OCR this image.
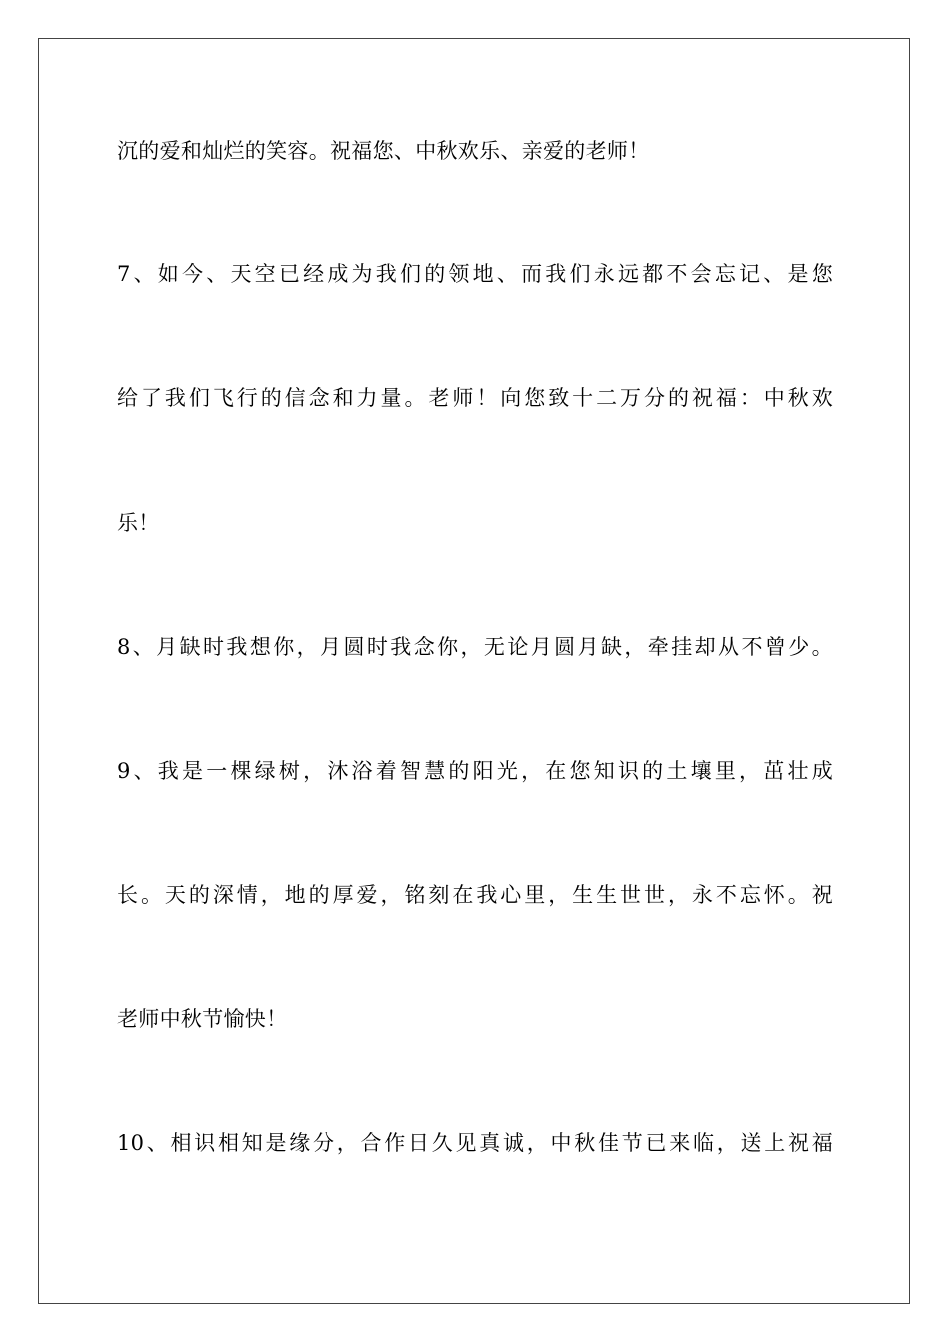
沉的爱和灿烂的笑容。祝福您、中秋欢乐、亲爱的老师！
7、如今、天空已经成为我们的领地、而我们永远都不会忘记、是您
给了我们飞行的信念和力量。老师！向您致十二万分的祝福：中秋欢
乐！
8、月缺时我想你，月圆时我念你，无论月圆月缺，牵挂却从不曾少。
9、我是一棵绿树，沐浴着智慧的阳光，在您知识的土壤里，茁壮成
长。天的深情，地的厚爱，铭刻在我心里，生生世世，永不忘怀。祝
老师中秋节愉快！
10、相识相知是缘分，合作日久见真诚，中秋佳节已来临，送上祝福
